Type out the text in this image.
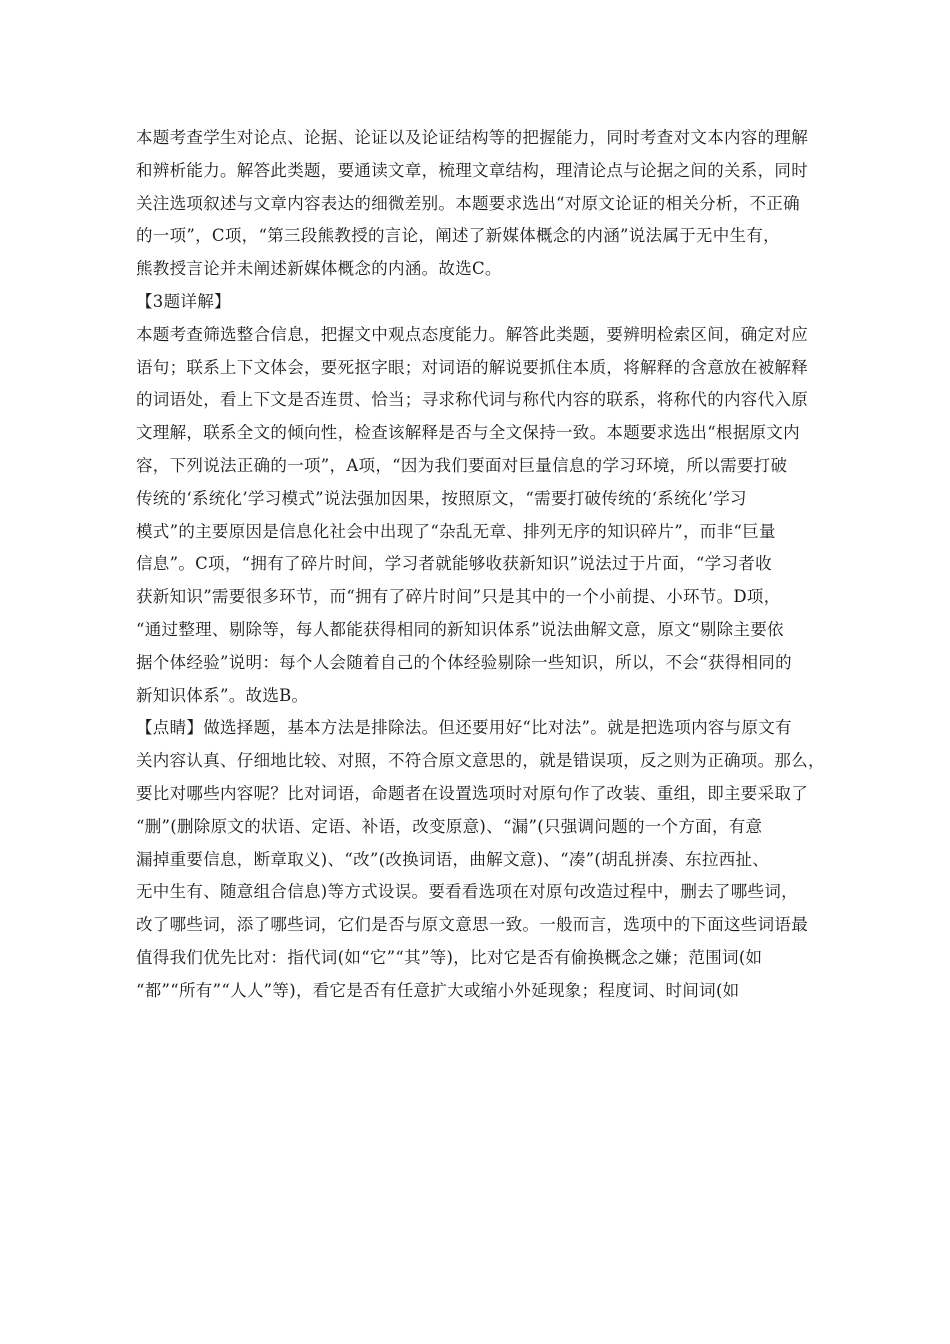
本题考查学生对论点、论据、论证以及论证结构等的把握能力，同时考查对文本内容的理解
和辨析能力。解答此类题，要通读文章，梳理文章结构，理清论点与论据之间的关系，同时
关注选项叙述与文章内容表达的细微差别。本题要求选出“对原文论证的相关分析，不正确
的一项”，C项，“第三段熊教授的言论，阐述了新媒体概念的内涵”说法属于无中生有，
熊教授言论并未阐述新媒体概念的内涵。故选C。
【3题详解】
本题考查筛选整合信息，把握文中观点态度能力。解答此类题，要辨明检索区间，确定对应
语句；联系上下文体会，要死抠字眼；对词语的解说要抓住本质，将解释的含意放在被解释
的词语处，看上下文是否连贯、恰当；寻求称代词与称代内容的联系，将称代的内容代入原
文理解，联系全文的倾向性，检查该解释是否与全文保持一致。本题要求选出“根据原文内
容，下列说法正确的一项”，A项，“因为我们要面对巨量信息的学习环境，所以需要打破
传统的‘系统化’学习模式”说法强加因果，按照原文，“需要打破传统的‘系统化’学习
模式”的主要原因是信息化社会中出现了“杂乱无章、排列无序的知识碎片”，而非“巨量
信息”。C项，“拥有了碎片时间，学习者就能够收获新知识”说法过于片面，“学习者收
获新知识”需要很多环节，而“拥有了碎片时间”只是其中的一个小前提、小环节。D项，
“通过整理、剔除等，每人都能获得相同的新知识体系”说法曲解文意，原文“剔除主要依
据个体经验”说明：每个人会随着自己的个体经验剔除一些知识，所以，不会“获得相同的
新知识体系”。故选B。
【点睛】做选择题，基本方法是排除法。但还要用好“比对法”。就是把选项内容与原文有
关内容认真、仔细地比较、对照，不符合原文意思的，就是错误项，反之则为正确项。那么，
要比对哪些内容呢？比对词语，命题者在设置选项时对原句作了改装、重组，即主要采取了
“删”(删除原文的状语、定语、补语，改变原意)、“漏”(只强调问题的一个方面，有意
漏掉重要信息，断章取义)、“改”(改换词语，曲解文意)、“凑”(胡乱拼凑、东拉西扯、
无中生有、随意组合信息)等方式设误。要看看选项在对原句改造过程中，删去了哪些词，
改了哪些词，添了哪些词，它们是否与原文意思一致。一般而言，选项中的下面这些词语最
值得我们优先比对：指代词(如“它”“其”等)，比对它是否有偷换概念之嫌；范围词(如
“都”“所有”“人人”等)，看它是否有任意扩大或缩小外延现象；程度词、时间词(如
